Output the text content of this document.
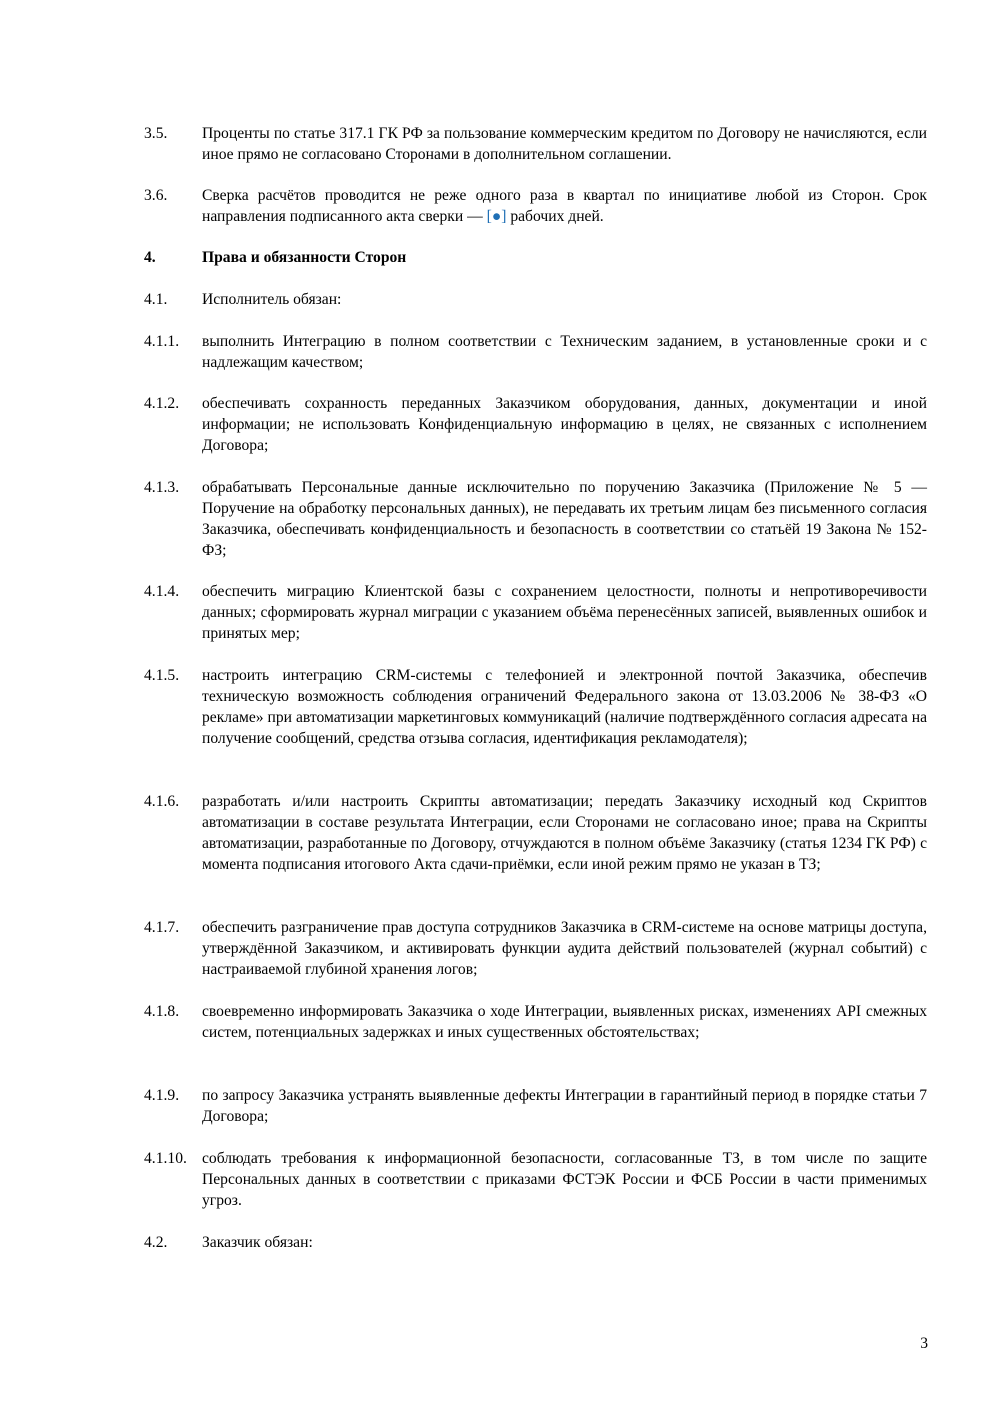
3.5. Проценты по статье 317.1 ГК РФ за пользование коммерческим кредитом по Договору не начисляются, если иное прямо не согласовано Сторонами в дополнительном соглашении.
3.6. Сверка расчётов проводится не реже одного раза в квартал по инициативе любой из Сторон. Срок направления подписанного акта сверки — [●] рабочих дней.
4.	Права и обязанности Сторон
4.1. Исполнитель обязан:
4.1.1. выполнить Интеграцию в полном соответствии с Техническим заданием, в установленные сроки и с надлежащим качеством;
4.1.2. обеспечивать сохранность переданных Заказчиком оборудования, данных, документации и иной информации; не использовать Конфиденциальную информацию в целях, не связанных с исполнением Договора;
4.1.3. обрабатывать Персональные данные исключительно по поручению Заказчика (Приложение № 5 — Поручение на обработку персональных данных), не передавать их третьим лицам без письменного согласия Заказчика, обеспечивать конфиденциальность и безопасность в соответствии со статьёй 19 Закона № 152-ФЗ;
4.1.4. обеспечить миграцию Клиентской базы с сохранением целостности, полноты и непротиворечивости данных; сформировать журнал миграции с указанием объёма перенесённых записей, выявленных ошибок и принятых мер;
4.1.5. настроить интеграцию CRM-системы с телефонией и электронной почтой Заказчика, обеспечив техническую возможность соблюдения ограничений Федерального закона от 13.03.2006 № 38-ФЗ «О рекламе» при автоматизации маркетинговых коммуникаций (наличие подтверждённого согласия адресата на получение сообщений, средства отзыва согласия, идентификация рекламодателя);
4.1.6. разработать и/или настроить Скрипты автоматизации; передать Заказчику исходный код Скриптов автоматизации в составе результата Интеграции, если Сторонами не согласовано иное; права на Скрипты автоматизации, разработанные по Договору, отчуждаются в полном объёме Заказчику (статья 1234 ГК РФ) с момента подписания итогового Акта сдачи-приёмки, если иной режим прямо не указан в ТЗ;
4.1.7. обеспечить разграничение прав доступа сотрудников Заказчика в CRM-системе на основе матрицы доступа, утверждённой Заказчиком, и активировать функции аудита действий пользователей (журнал событий) с настраиваемой глубиной хранения логов;
4.1.8. своевременно информировать Заказчика о ходе Интеграции, выявленных рисках, изменениях API смежных систем, потенциальных задержках и иных существенных обстоятельствах;
4.1.9. по запросу Заказчика устранять выявленные дефекты Интеграции в гарантийный период в порядке статьи 7 Договора;
4.1.10. соблюдать требования к информационной безопасности, согласованные ТЗ, в том числе по защите Персональных данных в соответствии с приказами ФСТЭК России и ФСБ России в части применимых угроз.
4.2. Заказчик обязан:
3
